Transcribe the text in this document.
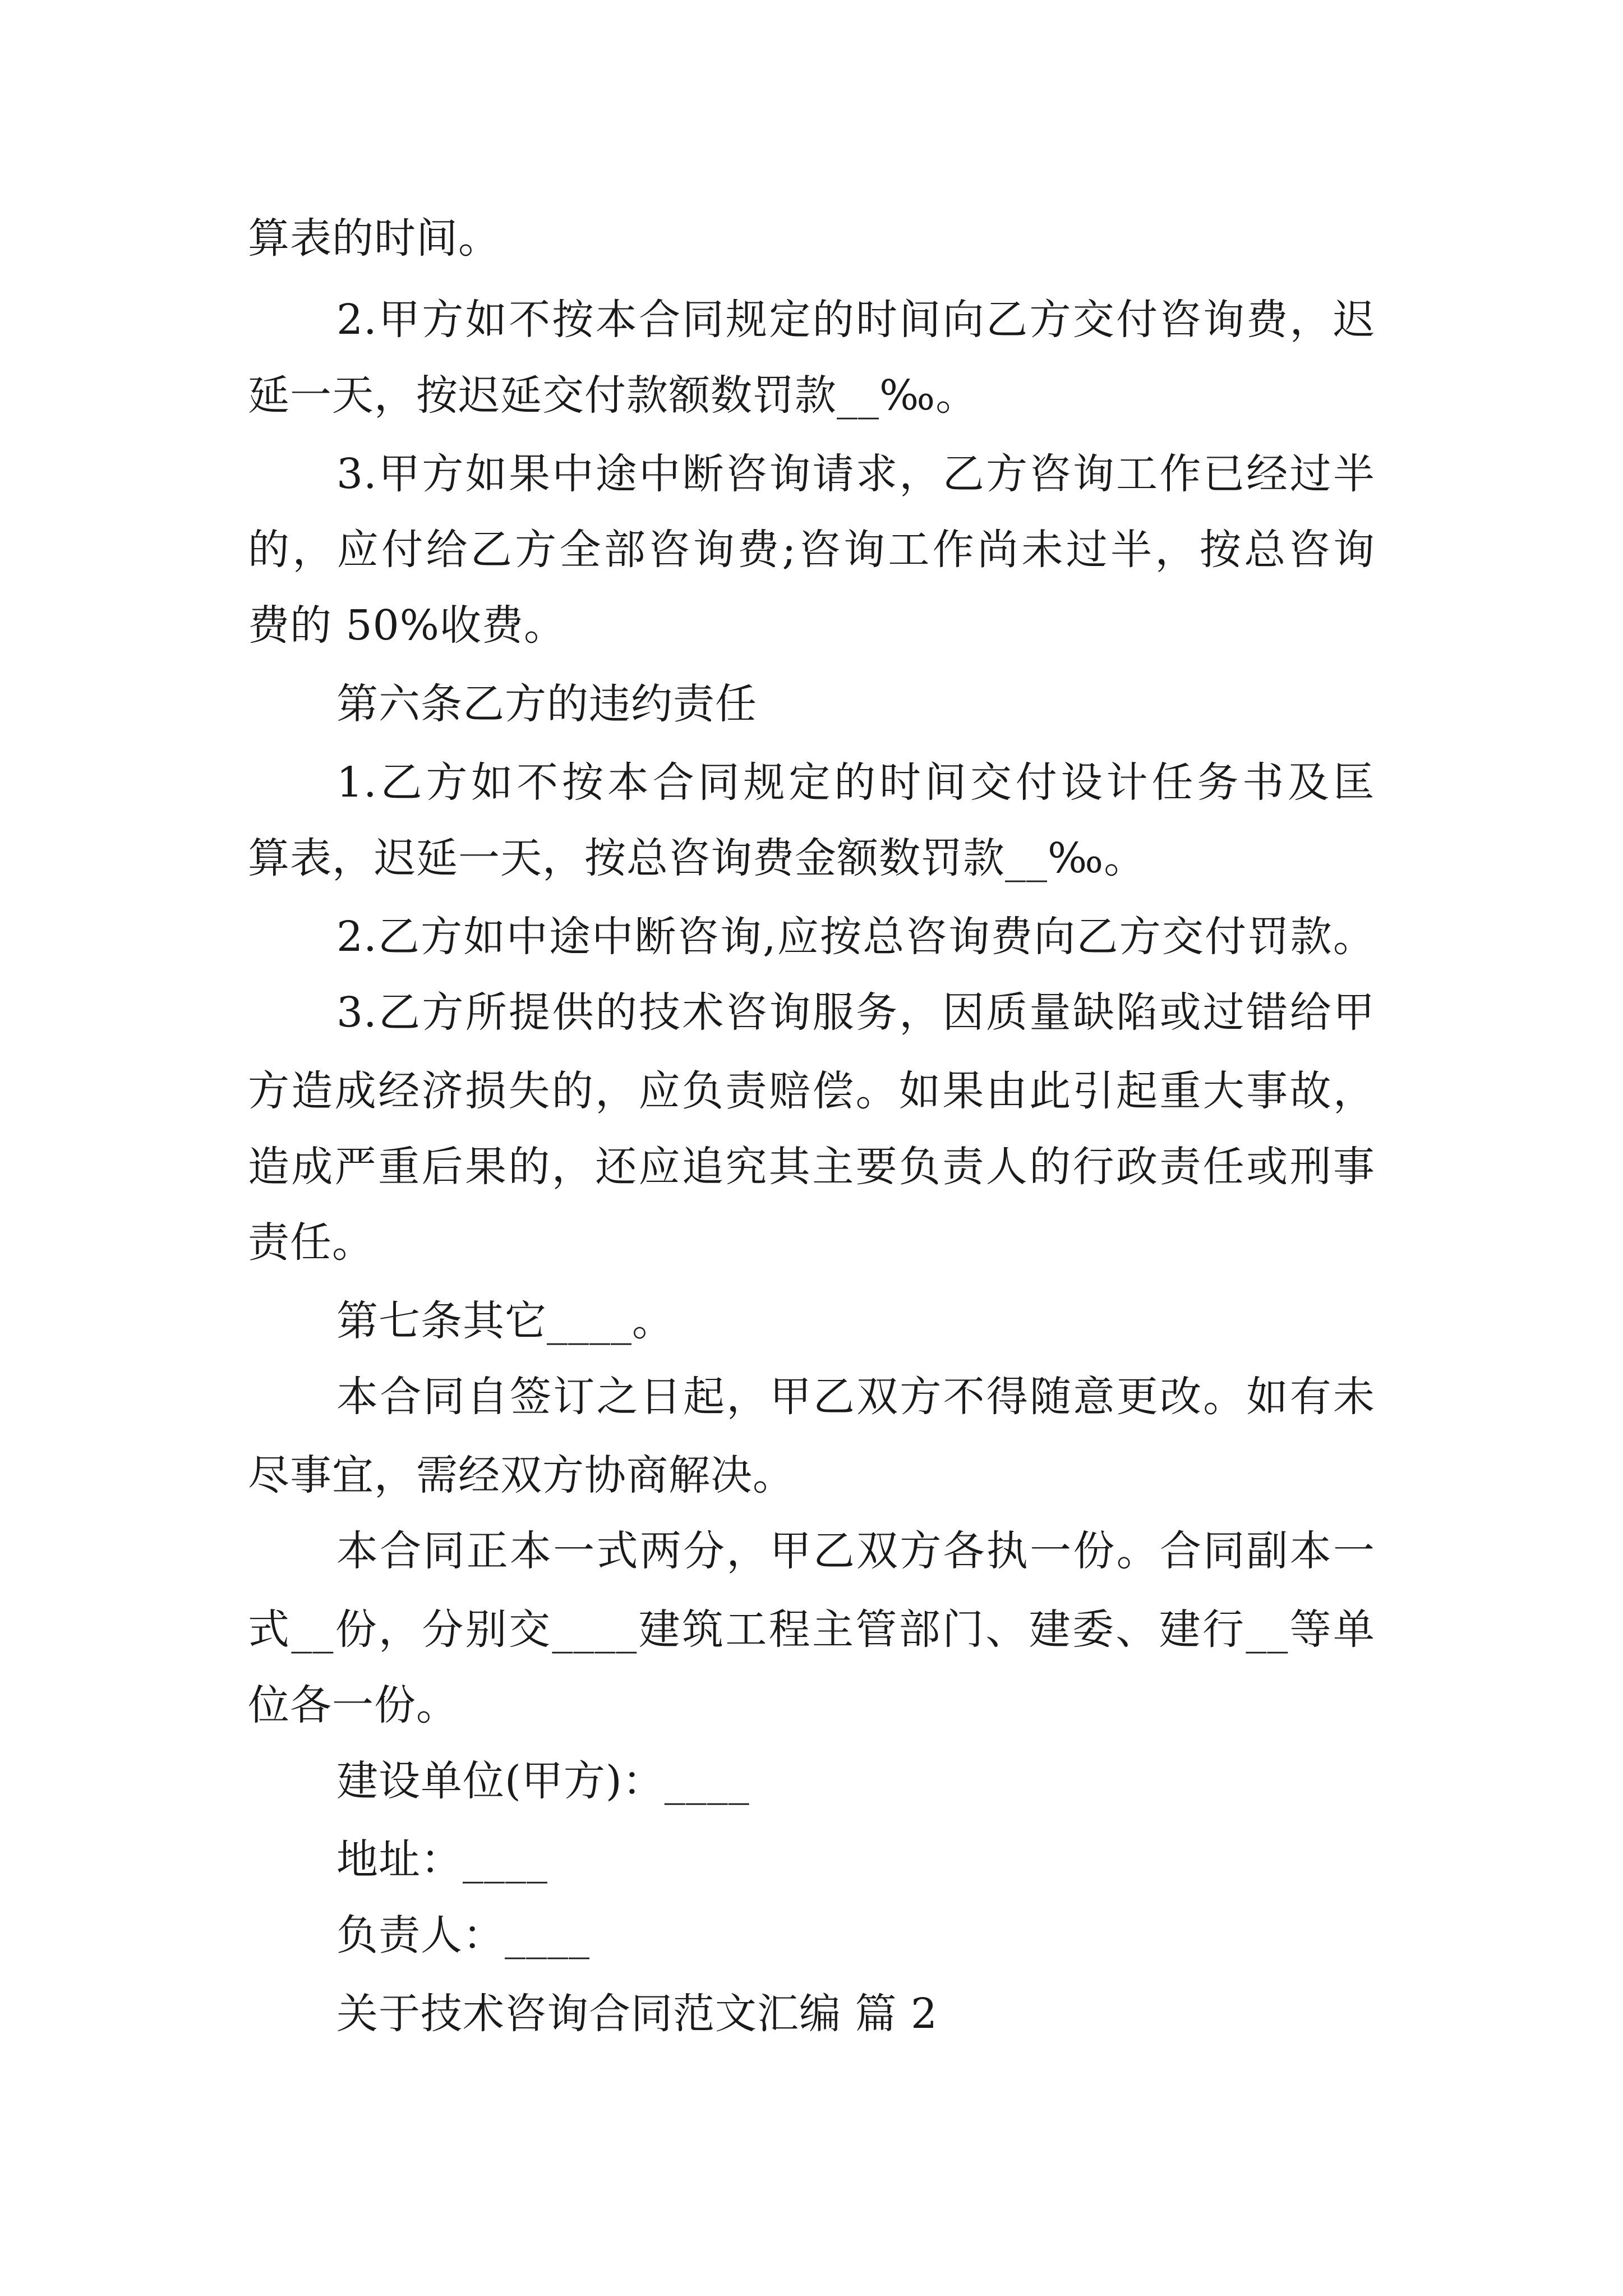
算表的时间。
2.甲方如不按本合同规定的时间向乙方交付咨询费，迟
延一天，按迟延交付款额数罚款__‰。
3.甲方如果中途中断咨询请求，乙方咨询工作已经过半
的，应付给乙方全部咨询费;咨询工作尚未过半，按总咨询
费的 50%收费。
第六条乙方的违约责任
1.乙方如不按本合同规定的时间交付设计任务书及匡
算表，迟延一天，按总咨询费金额数罚款__‰。
2.乙方如中途中断咨询,应按总咨询费向乙方交付罚款。
3.乙方所提供的技术咨询服务，因质量缺陷或过错给甲
方造成经济损失的，应负责赔偿。如果由此引起重大事故，
造成严重后果的，还应追究其主要负责人的行政责任或刑事
责任。
第七条其它____。
本合同自签订之日起，甲乙双方不得随意更改。如有未
尽事宜，需经双方协商解决。
本合同正本一式两分，甲乙双方各执一份。合同副本一
式__份，分别交____建筑工程主管部门、建委、建行__等单
位各一份。
建设单位(甲方)：____
地址：____
负责人：____
关于技术咨询合同范文汇编 篇 2
